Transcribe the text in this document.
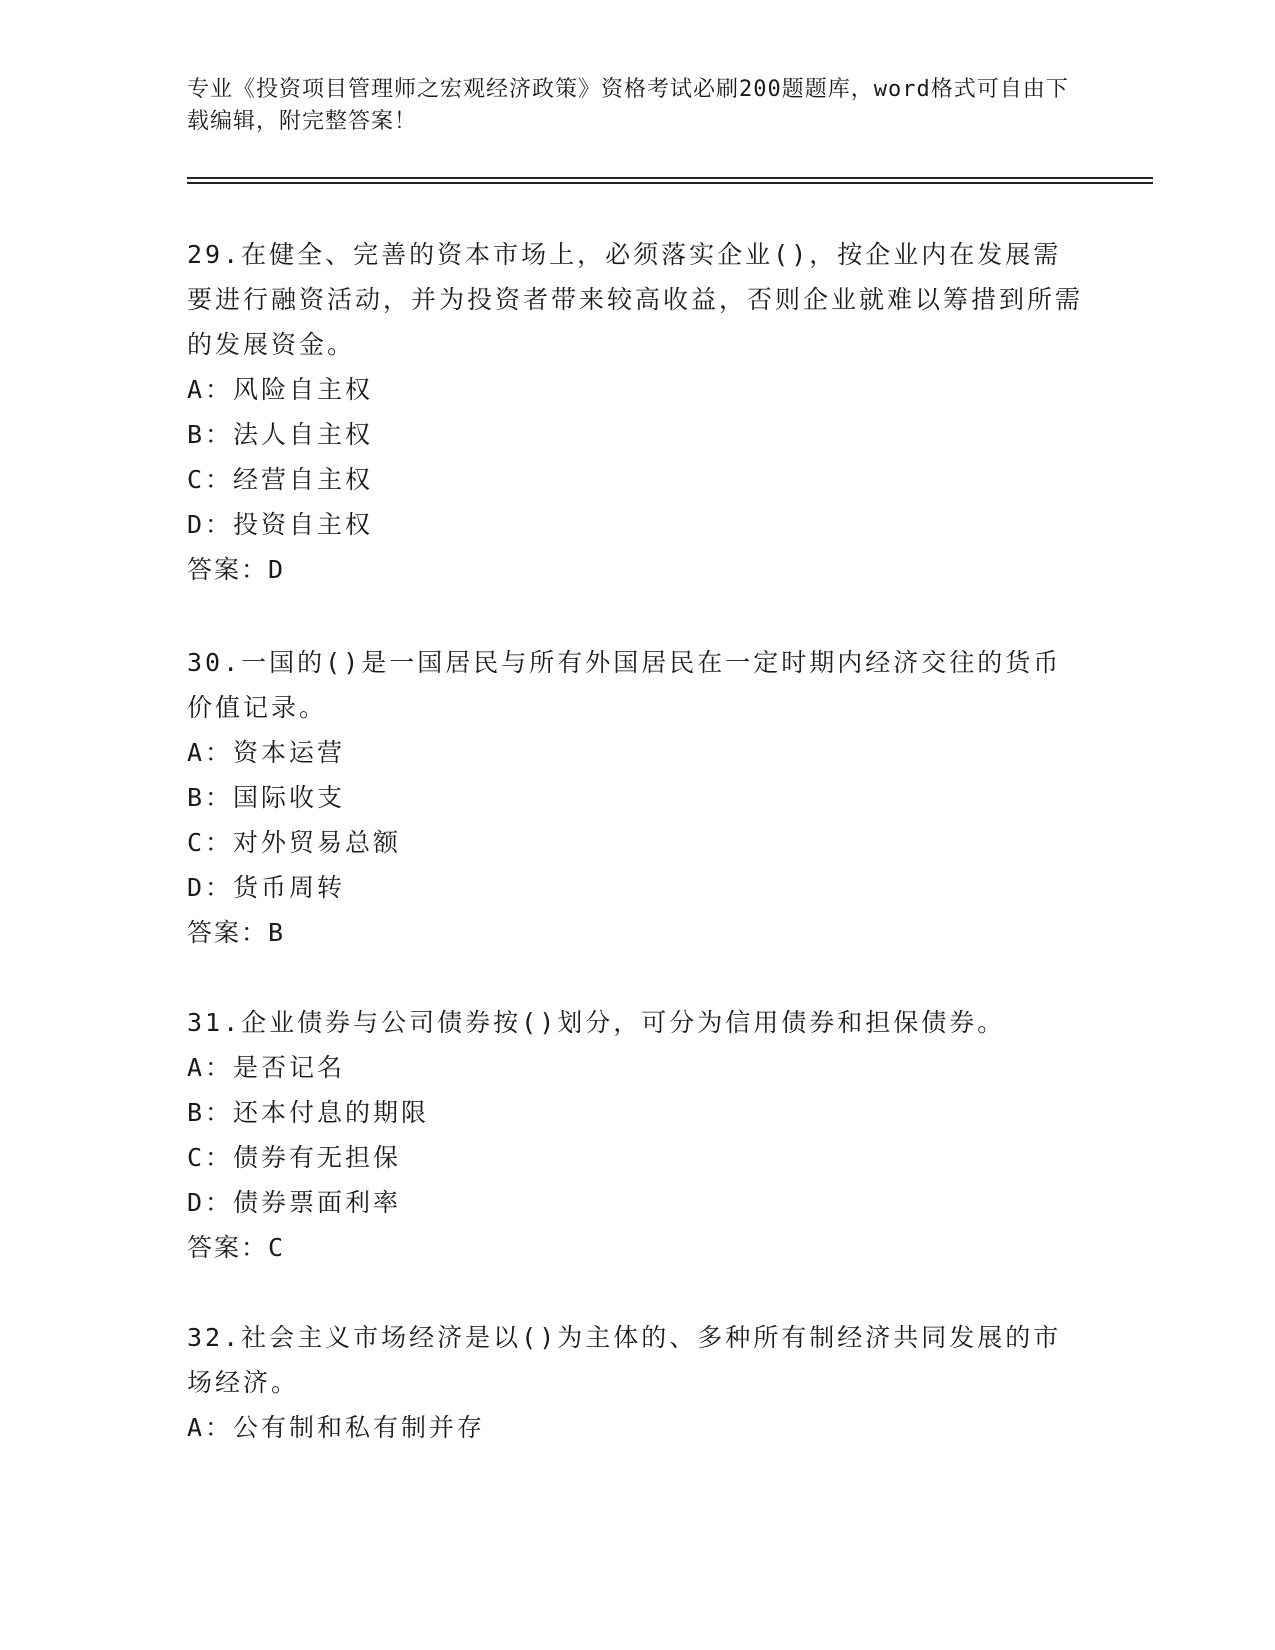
专业《投资项目管理师之宏观经济政策》资格考试必刷200题题库，word格式可自由下载编辑，附完整答案！

29.在健全、完善的资本市场上，必须落实企业()，按企业内在发展需要进行融资活动，并为投资者带来较高收益，否则企业就难以筹措到所需的发展资金。

A：风险自主权

B：法人自主权

C：经营自主权

D：投资自主权

答案：D

30.一国的()是一国居民与所有外国居民在一定时期内经济交往的货币价值记录。

A：资本运营

B：国际收支

C：对外贸易总额

D：货币周转

答案：B

31.企业债券与公司债券按()划分，可分为信用债券和担保债券。

A：是否记名

B：还本付息的期限

C：债券有无担保

D：债券票面利率

答案：C

32.社会主义市场经济是以()为主体的、多种所有制经济共同发展的市场经济。

A：公有制和私有制并存
